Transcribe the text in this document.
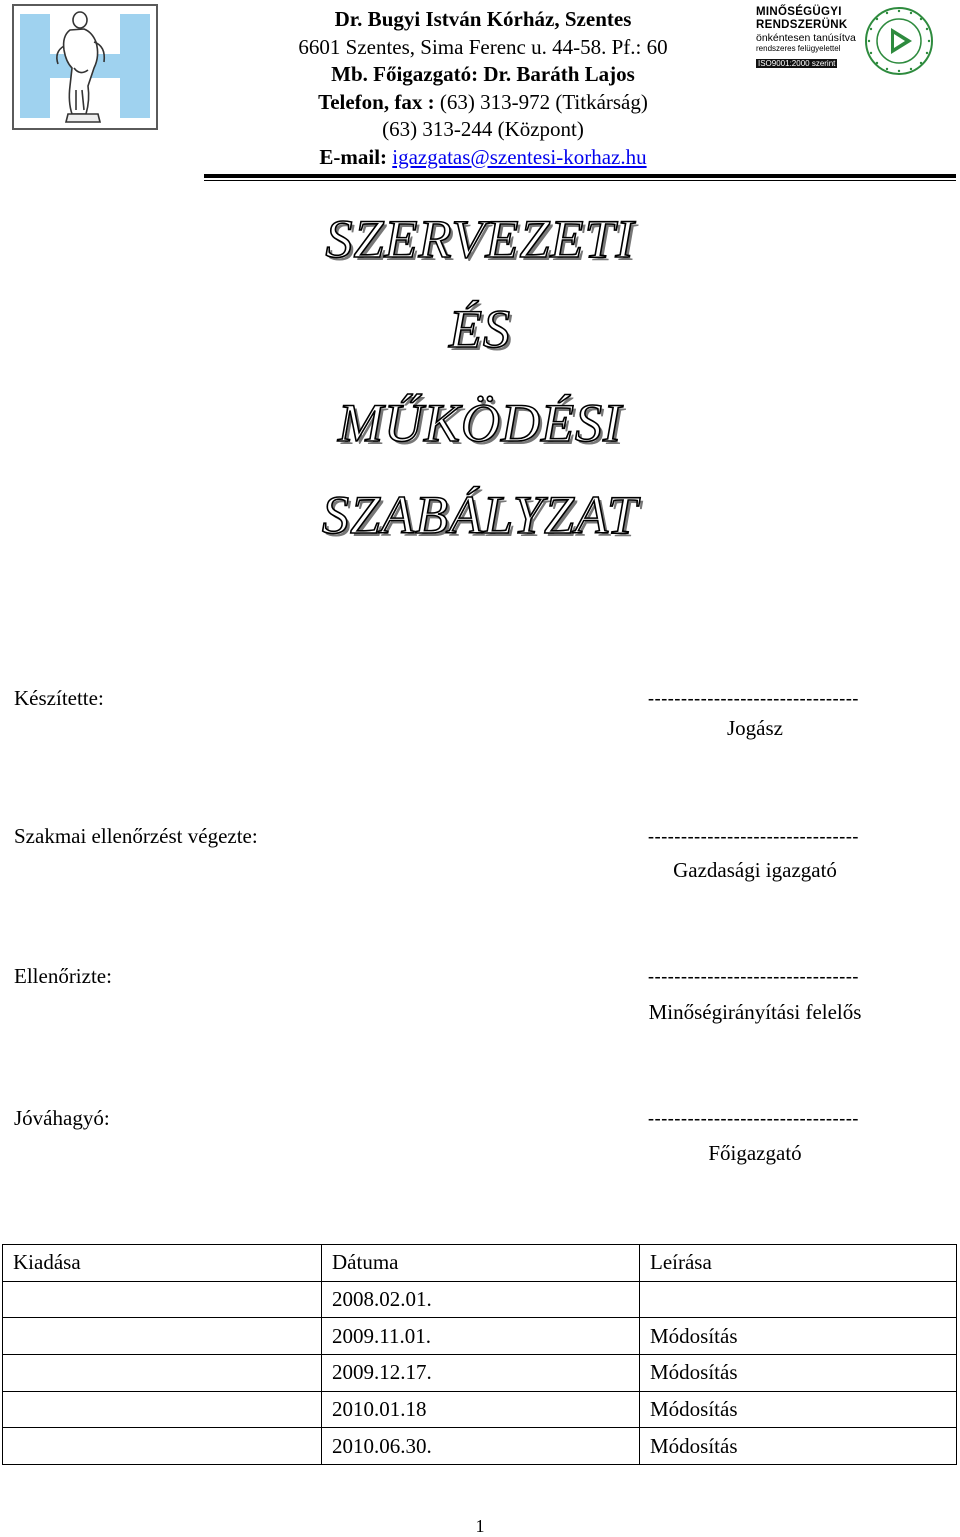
Dr. Bugyi István Kórház, Szentes
6601 Szentes, Sima Ferenc u. 44-58. Pf.: 60
Mb. Főigazgató: Dr. Baráth Lajos
Telefon, fax : (63) 313-972 (Titkárság)
(63) 313-244 (Központ)
E-mail: igazgatas@szentesi-korhaz.hu
MINŐSÉGÜGYI
RENDSZERÜNK
önkéntesen tanúsítva
rendszeres felügyelettel
ISO9001:2000 szerint
SZERVEZETI
ÉS
MŰKÖDÉSI
SZABÁLYZAT
Készítette:	--------------------------------
Jogász
Szakmai ellenőrzést végezte:	--------------------------------
Gazdasági igazgató
Ellenőrizte:	--------------------------------
Minőségirányítási felelős
Jóváhagyó:	--------------------------------
Főigazgató
Kiadása	Dátuma	Leírása
	2008.02.01.	
	2009.11.01.	Módosítás
	2009.12.17.	Módosítás
	2010.01.18	Módosítás
	2010.06.30.	Módosítás
1
